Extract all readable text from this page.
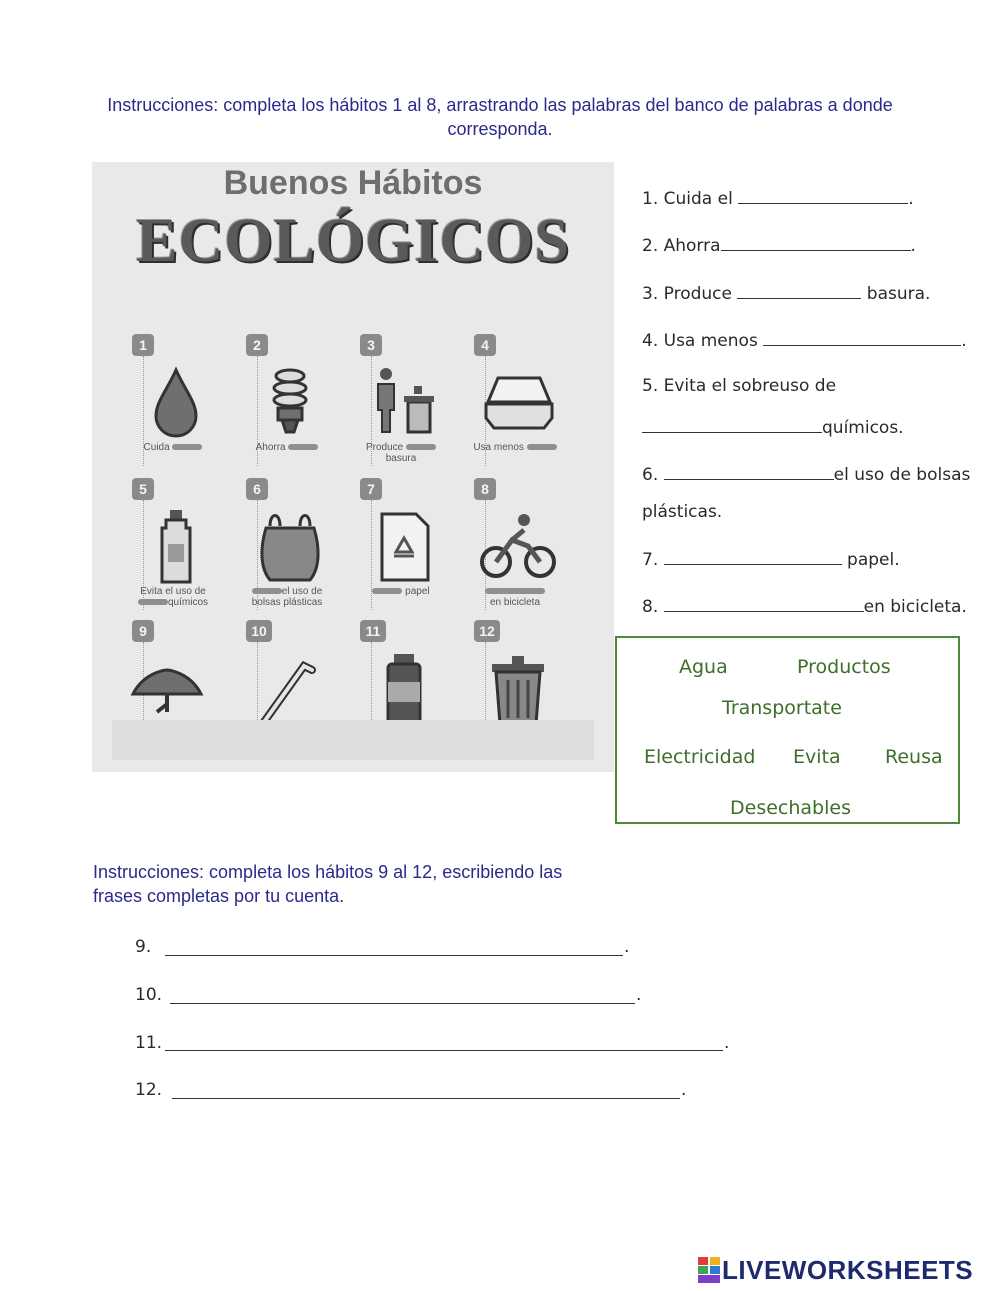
Instrucciones: completa los hábitos 1 al 8, arrastrando las palabras del banco de palabras a donde corresponda.
Buenos Hábitos
ECOLÓGICOS
1
Cuida
2
Ahorra
3
Produce
basura
4
Usa menos
5
Evita el uso de
químicos
6
el uso de
bolsas plásticas
7
papel
8

en bicicleta
9	10	11	12
1. Cuida el	.
2. Ahorra	.
3. Produce	basura.
4. Usa menos	.
5. Evita el sobreuso de
químicos.
6.	el uso de bolsas
plásticas.
7.	papel.
8.	en bicicleta.
Agua	Productos
Transportate
Electricidad Evita Reusa
Desechables
Instrucciones: completa los hábitos 9 al 12, escribiendo las frases completas por tu cuenta.
9.	.
10.	.
11.	.
12.	.
LIVEWORKSHEETS
